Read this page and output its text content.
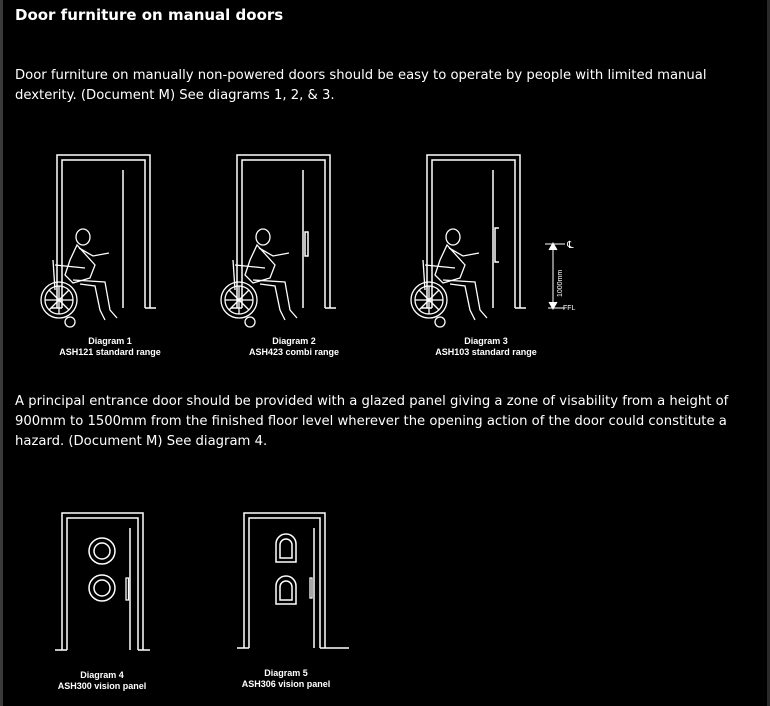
Door furniture on manual doors

Door furniture on manually non-powered doors should be easy to operate by people with limited manual dexterity. (Document M) See diagrams 1, 2, & 3.

Diagram 1
ASH121 standard range
Diagram 2
ASH423 combi range
℄
1000mm
FFL
Diagram 3
ASH103 standard range

A principal entrance door should be provided with a glazed panel giving a zone of visability from a height of 900mm to 1500mm from the finished floor level wherever the opening action of the door could constitute a hazard. (Document M) See diagram 4.

Diagram 4
ASH300 vision panel
Diagram 5
ASH306 vision panel
